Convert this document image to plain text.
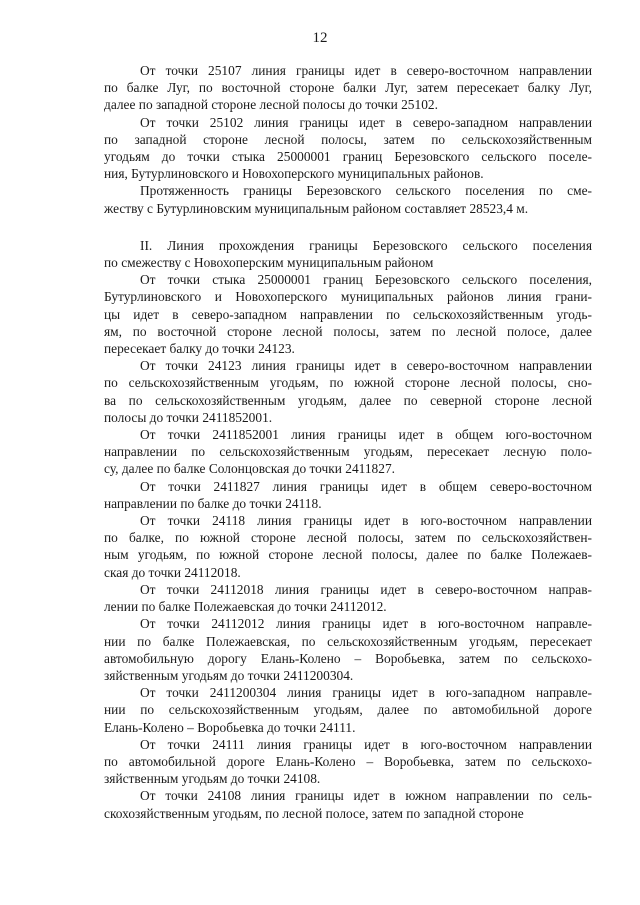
12
От точки 25107 линия границы идет в северо-восточном направлении
по балке Луг, по восточной стороне балки Луг, затем пересекает балку Луг,
далее по западной стороне лесной полосы до точки 25102.
От точки 25102 линия границы идет в северо-западном направлении
по западной стороне лесной полосы, затем по сельскохозяйственным
угодьям до точки стыка 25000001 границ Березовского сельского поселе-
ния, Бутурлиновского и Новохоперского муниципальных районов.
Протяженность границы Березовского сельского поселения по сме-
жеству с Бутурлиновским муниципальным районом составляет 28523,4 м.
II. Линия прохождения границы Березовского сельского поселения
по смежеству с Новохоперским муниципальным районом
От точки стыка 25000001 границ Березовского сельского поселения,
Бутурлиновского и Новохоперского муниципальных районов линия грани-
цы идет в северо-западном направлении по сельскохозяйственным угодь-
ям, по восточной стороне лесной полосы, затем по лесной полосе, далее
пересекает балку до точки 24123.
От точки 24123 линия границы идет в северо-восточном направлении
по сельскохозяйственным угодьям, по южной стороне лесной полосы, сно-
ва по сельскохозяйственным угодьям, далее по северной стороне лесной
полосы до точки 2411852001.
От точки 2411852001 линия границы идет в общем юго-восточном
направлении по сельскохозяйственным угодьям, пересекает лесную поло-
су, далее по балке Солонцовская до точки 2411827.
От точки 2411827 линия границы идет в общем северо-восточном
направлении по балке до точки 24118.
От точки 24118 линия границы идет в юго-восточном направлении
по балке, по южной стороне лесной полосы, затем по сельскохозяйствен-
ным угодьям, по южной стороне лесной полосы, далее по балке Полежаев-
ская до точки 24112018.
От точки 24112018 линия границы идет в северо-восточном направ-
лении по балке Полежаевская до точки 24112012.
От точки 24112012 линия границы идет в юго-восточном направле-
нии по балке Полежаевская, по сельскохозяйственным угодьям, пересекает
автомобильную дорогу Елань-Колено – Воробьевка, затем по сельскохо-
зяйственным угодьям до точки 2411200304.
От точки 2411200304 линия границы идет в юго-западном направле-
нии по сельскохозяйственным угодьям, далее по автомобильной дороге
Елань-Колено – Воробьевка до точки 24111.
От точки 24111 линия границы идет в юго-восточном направлении
по автомобильной дороге Елань-Колено – Воробьевка, затем по сельскохо-
зяйственным угодьям до точки 24108.
От точки 24108 линия границы идет в южном направлении по сель-
скохозяйственным угодьям, по лесной полосе, затем по западной стороне
